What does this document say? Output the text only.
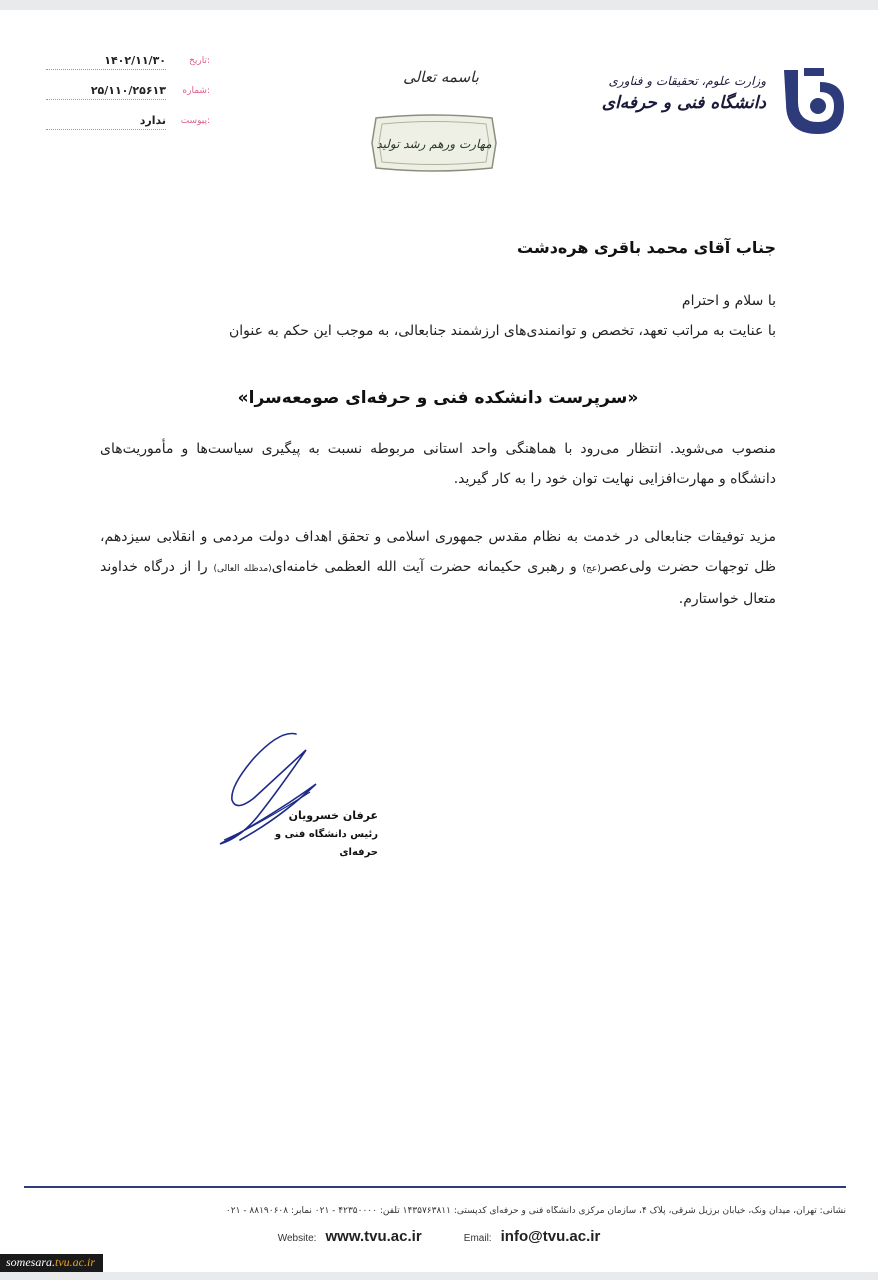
وزارت علوم، تحقیقات و فناوری
دانشگاه فنی و حرفه‌ای
باسمه تعالی
مهارت ورهم رشد تولید
تاریخ:
۱۴۰۲/۱۱/۳۰
شماره:
۲۵/۱۱۰/۲۵۶۱۳
پیوست:
ندارد
جناب آقای محمد باقری هره‌دشت
با سلام و احترام
با عنایت به مراتب تعهد، تخصص و توانمندی‌های ارزشمند جنابعالی، به موجب این حکم به عنوان
«سرپرست دانشکده فنی و حرفه‌ای صومعه‌سرا»
منصوب می‌شوید. انتظار می‌رود با هماهنگی واحد استانی مربوطه نسبت به پیگیری سیاست‌ها و مأموریت‌های دانشگاه و مهارت‌افزایی نهایت توان خود را به کار گیرید.
مزید توفیقات جنابعالی در خدمت به نظام مقدس جمهوری اسلامی و تحقق اهداف دولت مردمی و انقلابی سیزدهم، ظل توجهات حضرت ولی‌عصر(عج) و رهبری حکیمانه حضرت آیت الله العظمی خامنه‌ای(مدظله العالی) را از درگاه خداوند متعال خواستارم.
عرفان خسرویان
رئیس دانشگاه فنی و حرفه‌ای
نشانی: تهران، میدان ونک، خیابان برزیل شرقی، پلاک ۴، سازمان مرکزی دانشگاه فنی و حرفه‌ای کدپستی: ۱۴۳۵۷۶۳۸۱۱ تلفن: ۴۲۳۵۰۰۰۰ - ۰۲۱ نمابر: ۸۸۱۹۰۶۰۸ - ۰۲۱
Website: www.tvu.ac.ir	Email: info@tvu.ac.ir
somesara.tvu.ac.ir
